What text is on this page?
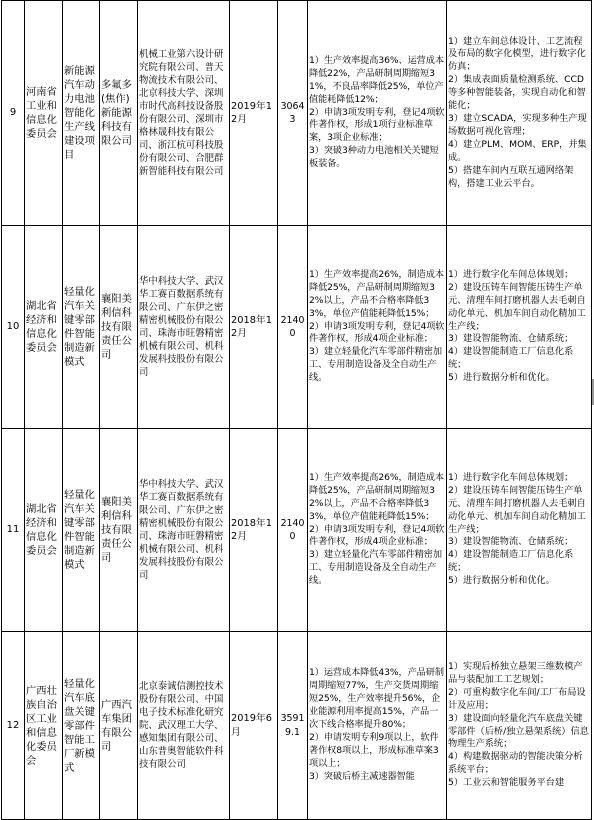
9	河南省工业和信息化委员会	新能源汽车动力电池智能化生产线建设项目	多氟多(焦作)新能源科技有限公司	机械工业第六设计研究院有限公司、普天物流技术有限公司、北京科技大学、深圳市时代高科技设备股份有限公司、深圳市格林晟科技有限公司、浙江杭可科技股份有限公司、合肥群新智能科技有限公司	2019年12月	30643	1）生产效率提高36%、运营成本降低22%，产品研制周期缩短31%，不良品率降低25%，单位产值能耗降低12%；
2）申请3项发明专利，登记4项软件著作权，形成1项行业标准草案，3项企业标准；
3）突破3种动力电池相关关键短板装备。	1）建立车间总体设计、工艺流程及布局的数字化模型，进行数字化仿真；
2）集成表面质量检测系统、CCD等多种智能装备，实现自动化和智能化；
3）建立SCADA，实现多种生产现场数据可视化管理；
4）建立PLM、MOM、ERP，并集成。
5）搭建车间内互联互通网络架构，搭建工业云平台。
10	湖北省经济和信息化委员会	轻量化汽车关键零部件智能制造新模式	襄阳美利信科技有限责任公司	华中科技大学、武汉华工赛百数据系统有限公司、广东伊之密精密机械股份有限公司、珠海市旺磐精密机械有限公司、机科发展科技股份有限公司	2018年12月	21400	1）生产效率提高26%，制造成本降低25%，产品研制周期缩短32%以上，产品不合格率降低33%，单位产值能耗降低15%；
2）申请3项发明专利，登记4项软件著作权，形成4项企业标准；
3）建立轻量化汽车零部件精密加工、专用制造设备及全自动生产线。	1）进行数字化车间总体规划；
2）建设压铸车间智能压铸生产单元、清理车间打磨机器人去毛刺自动化单元、机加车间自动化精加工生产线；
3）建设智能物流、仓储系统；
4）建设智能制造工厂信息化系统；
5）进行数据分析和优化。
11	湖北省经济和信息化委员会	轻量化汽车关键零部件智能制造新模式	襄阳美利信科技有限责任公司	华中科技大学、武汉华工赛百数据系统有限公司、广东伊之密精密机械股份有限公司、珠海市旺磐精密机械有限公司、机科发展科技股份有限公司	2018年12月	21400	1）生产效率提高26%，制造成本降低25%，产品研制周期缩短32%以上，产品不合格率降低33%，单位产值能耗降低15%；
2）申请3项发明专利，登记4项软件著作权，形成4项企业标准；
3）建立轻量化汽车零部件精密加工、专用制造设备及全自动生产线。	1）进行数字化车间总体规划；
2）建设压铸车间智能压铸生产单元、清理车间打磨机器人去毛刺自动化单元、机加车间自动化精加工生产线；
3）建设智能物流、仓储系统；
4）建设智能制造工厂信息化系统；
5）进行数据分析和优化。
12	广西壮族自治区工业和信息化委员会	轻量化汽车底盘关键零部件智能工厂新模式	广西汽车集团有限公司	北京泰诚信测控技术股份有限公司、中国电子技术标准化研究院、武汉理工大学、感知集团有限公司、山东普奥智能软件科技有限公司	2019年6月	35919.1	1）运营成本降低43%，产品研制周期缩短77%，生产交货周期缩短25%，生产效率提升56%，企业能源利用率提高15%，产品一次下线合格率提升80%；
2）申请发明专利9项以上，软件著作权8项以上，形成标准草案3项以上；
3）突破后桥主减速器智能	1）实现后桥独立悬架三维数模产品与装配加工工艺规划；
2）可重构数字化车间/工厂布局设计及应用；
3）建设面向轻量化汽车底盘关键零部件（后桥/独立悬架系统）信息物理生产系统；
4）构建数据驱动的智能决策分析系统平台；
5）工业云和智能服务平台建
